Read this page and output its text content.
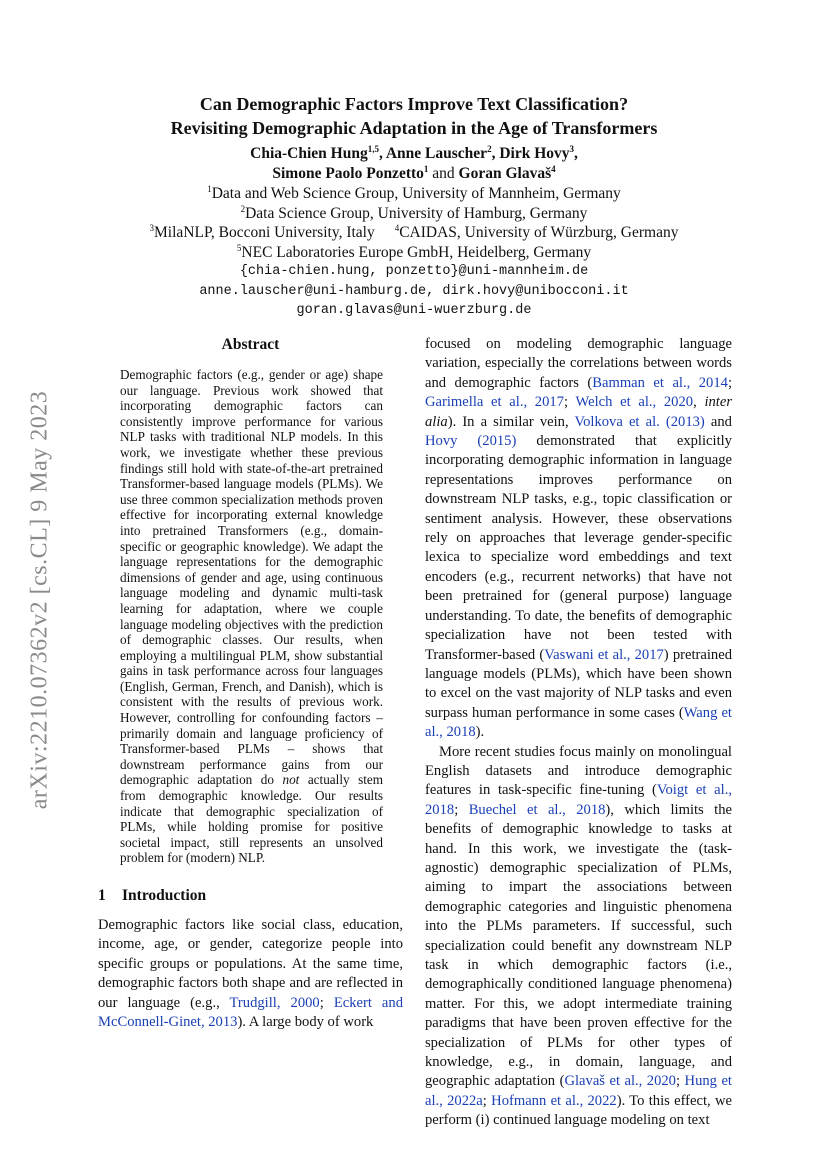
arXiv:2210.07362v2 [cs.CL] 9 May 2023
Can Demographic Factors Improve Text Classification?
Revisiting Demographic Adaptation in the Age of Transformers
Chia-Chien Hung$^{1,5}$, Anne Lauscher$^2$, Dirk Hovy$^3$,
Simone Paolo Ponzetto$^1$ and Goran Glavaš$^4$
$^1$Data and Web Science Group, University of Mannheim, Germany
$^2$Data Science Group, University of Hamburg, Germany
$^3$MilaNLP, Bocconi University, Italy $^4$CAIDAS, University of Würzburg, Germany
$^5$NEC Laboratories Europe GmbH, Heidelberg, Germany
{chia-chien.hung, ponzetto}@uni-mannheim.de
anne.lauscher@uni-hamburg.de, dirk.hovy@unibocconi.it
goran.glavas@uni-wuerzburg.de
Abstract

Demographic factors (e.g., gender or age) shape our language. Previous work showed that incorporating demographic factors can consistently improve performance for various NLP tasks with traditional NLP models. In this work, we investigate whether these previous findings still hold with state-of-the-art pretrained Transformer-based language models (PLMs). We use three common specialization methods proven effective for incorporating external knowledge into pretrained Transformers (e.g., domain-specific or geographic knowledge). We adapt the language representations for the demographic dimensions of gender and age, using continuous language modeling and dynamic multi-task learning for adaptation, where we couple language modeling objectives with the prediction of demographic classes. Our results, when employing a multilingual PLM, show substantial gains in task performance across four languages (English, German, French, and Danish), which is consistent with the results of previous work. However, controlling for confounding factors – primarily domain and language proficiency of Transformer-based PLMs – shows that downstream performance gains from our demographic adaptation do not actually stem from demographic knowledge. Our results indicate that demographic specialization of PLMs, while holding promise for positive societal impact, still represents an unsolved problem for (modern) NLP.

1 Introduction

Demographic factors like social class, education, income, age, or gender, categorize people into specific groups or populations. At the same time, demographic factors both shape and are reflected in our language (e.g., Trudgill, 2000; Eckert and McConnell-Ginet, 2013). A large body of work

focused on modeling demographic language variation, especially the correlations between words and demographic factors (Bamman et al., 2014; Garimella et al., 2017; Welch et al., 2020, inter alia). In a similar vein, Volkova et al. (2013) and Hovy (2015) demonstrated that explicitly incorporating demographic information in language representations improves performance on downstream NLP tasks, e.g., topic classification or sentiment analysis. However, these observations rely on approaches that leverage gender-specific lexica to specialize word embeddings and text encoders (e.g., recurrent networks) that have not been pretrained for (general purpose) language understanding. To date, the benefits of demographic specialization have not been tested with Transformer-based (Vaswani et al., 2017) pretrained language models (PLMs), which have been shown to excel on the vast majority of NLP tasks and even surpass human performance in some cases (Wang et al., 2018).

More recent studies focus mainly on monolingual English datasets and introduce demographic features in task-specific fine-tuning (Voigt et al., 2018; Buechel et al., 2018), which limits the benefits of demographic knowledge to tasks at hand. In this work, we investigate the (task-agnostic) demographic specialization of PLMs, aiming to impart the associations between demographic categories and linguistic phenomena into the PLMs parameters. If successful, such specialization could benefit any downstream NLP task in which demographic factors (i.e., demographically conditioned language phenomena) matter. For this, we adopt intermediate training paradigms that have been proven effective for the specialization of PLMs for other types of knowledge, e.g., in domain, language, and geographic adaptation (Glavaš et al., 2020; Hung et al., 2022a; Hofmann et al., 2022). To this effect, we perform (i) continued language modeling on text
